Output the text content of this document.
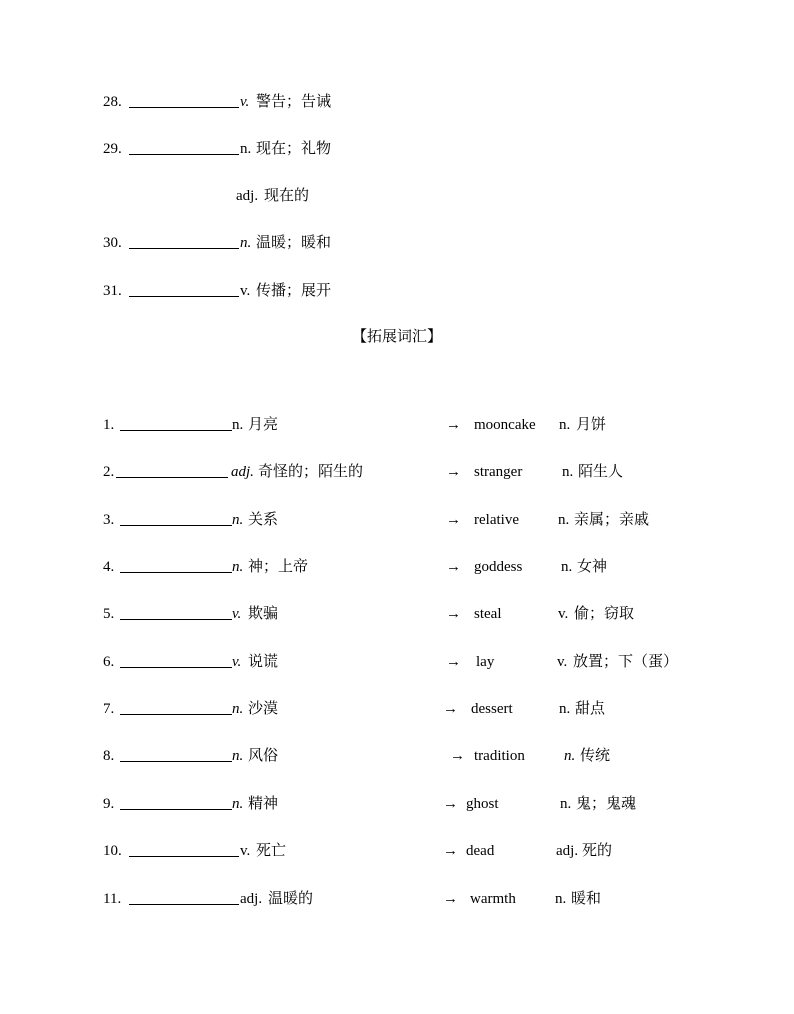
28.	v. 警告；告诫
29.	n. 现在；礼物
adj. 现在的
30.	n. 温暖；暖和
31.	v. 传播；展开
【拓展词汇】
1.	n. 月亮	→ mooncake n. 月饼
2.	adj. 奇怪的；陌生的	→ stranger	n. 陌生人
3.	n. 关系	→ relative	n. 亲属；亲戚
4.	n. 神；上帝	→ goddess	n. 女神
5.	v. 欺骗	→ steal	v. 偷；窃取
6.	v. 说谎	→ lay	v. 放置；下（蛋）
7.	n. 沙漠	→ dessert	n. 甜点
8.	n. 风俗	→ tradition	n. 传统
9.	n. 精神	→ ghost	n. 鬼；鬼魂
10.	v. 死亡	→ dead	adj. 死的
11.	adj. 温暖的	→ warmth	n. 暖和
